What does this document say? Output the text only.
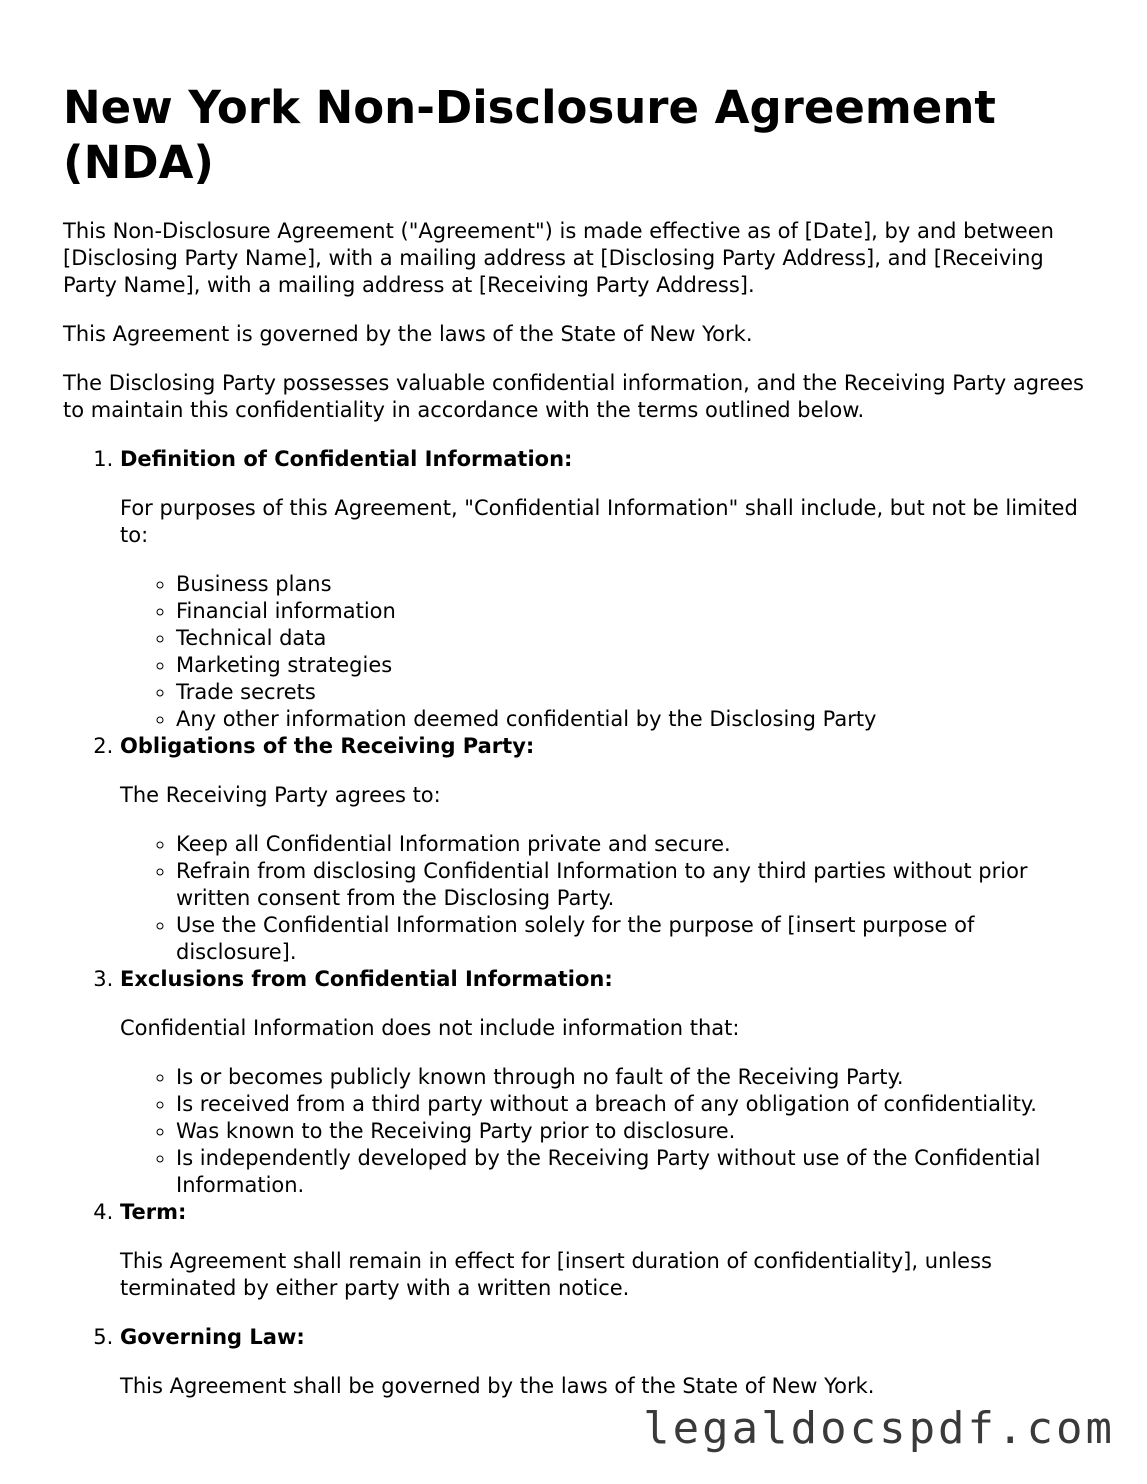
New York Non-Disclosure Agreement (NDA)

This Non-Disclosure Agreement ("Agreement") is made effective as of [Date], by and between [Disclosing Party Name], with a mailing address at [Disclosing Party Address], and [Receiving Party Name], with a mailing address at [Receiving Party Address].

This Agreement is governed by the laws of the State of New York.

The Disclosing Party possesses valuable confidential information, and the Receiving Party agrees to maintain this confidentiality in accordance with the terms outlined below.

1. Definition of Confidential Information:

For purposes of this Agreement, "Confidential Information" shall include, but not be limited to:

◦ Business plans
◦ Financial information
◦ Technical data
◦ Marketing strategies
◦ Trade secrets
◦ Any other information deemed confidential by the Disclosing Party
2. Obligations of the Receiving Party:

The Receiving Party agrees to:

◦ Keep all Confidential Information private and secure.
◦ Refrain from disclosing Confidential Information to any third parties without prior written consent from the Disclosing Party.
◦ Use the Confidential Information solely for the purpose of [insert purpose of disclosure].
3. Exclusions from Confidential Information:

Confidential Information does not include information that:

◦ Is or becomes publicly known through no fault of the Receiving Party.
◦ Is received from a third party without a breach of any obligation of confidentiality.
◦ Was known to the Receiving Party prior to disclosure.
◦ Is independently developed by the Receiving Party without use of the Confidential Information.
4. Term:

This Agreement shall remain in effect for [insert duration of confidentiality], unless terminated by either party with a written notice.

5. Governing Law:

This Agreement shall be governed by the laws of the State of New York.

legaldocspdf.com
